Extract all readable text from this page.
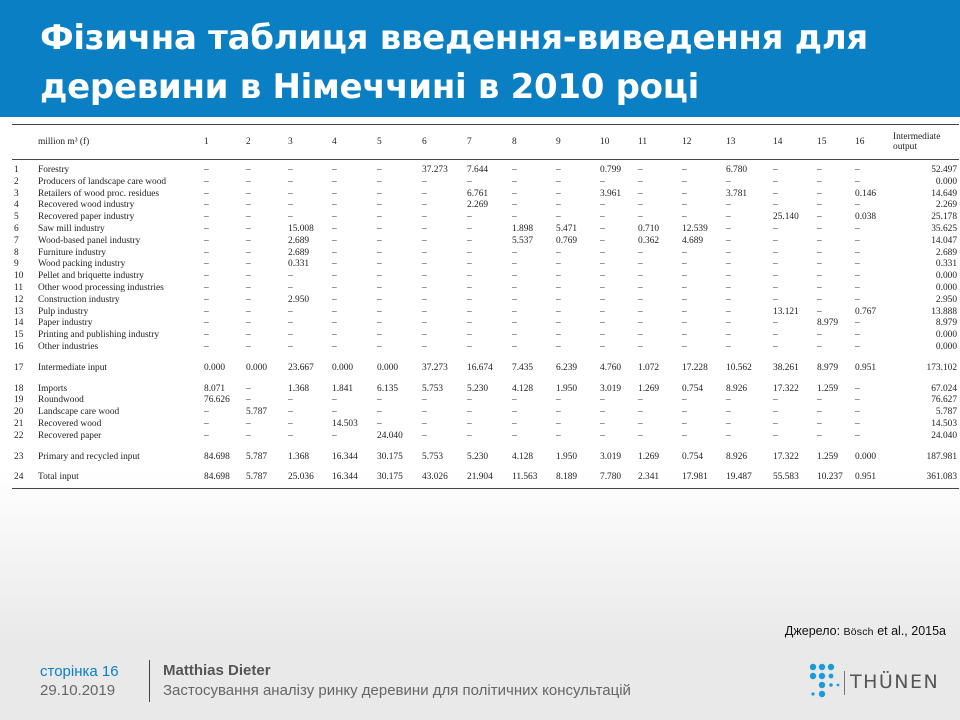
Фізична таблиця введення-виведення для деревини в Німеччині в 2010 році
	million m³ (f)	1	2	3	4	5	6	7	8	9	10	11	12	13	14	15	16	Intermediate output
1	Forestry	–	–	–	–	–	37.273	7.644	–	–	0.799	–	–	6.780	–	–	–	52.497
2	Producers of landscape care wood	–	–	–	–	–	–	–	–	–	–	–	–	–	–	–	–	0.000
3	Retailers of wood proc. residues	–	–	–	–	–	–	6.761	–	–	3.961	–	–	3.781	–	–	0.146	14.649
4	Recovered wood industry	–	–	–	–	–	–	2.269	–	–	–	–	–	–	–	–	–	2.269
5	Recovered paper industry	–	–	–	–	–	–	–	–	–	–	–	–	–	25.140	–	0.038	25.178
6	Saw mill industry	–	–	15.008	–	–	–	–	1.898	5.471	–	0.710	12.539	–	–	–	–	35.625
7	Wood-based panel industry	–	–	2.689	–	–	–	–	5.537	0.769	–	0.362	4.689	–	–	–	–	14.047
8	Furniture industry	–	–	2.689	–	–	–	–	–	–	–	–	–	–	–	–	–	2.689
9	Wood packing industry	–	–	0.331	–	–	–	–	–	–	–	–	–	–	–	–	–	0.331
10	Pellet and briquette industry	–	–	–	–	–	–	–	–	–	–	–	–	–	–	–	–	0.000
11	Other wood processing industries	–	–	–	–	–	–	–	–	–	–	–	–	–	–	–	–	0.000
12	Construction industry	–	–	2.950	–	–	–	–	–	–	–	–	–	–	–	–	–	2.950
13	Pulp industry	–	–	–	–	–	–	–	–	–	–	–	–	–	13.121	–	0.767	13.888
14	Paper industry	–	–	–	–	–	–	–	–	–	–	–	–	–	–	8.979	–	8.979
15	Printing and publishing industry	–	–	–	–	–	–	–	–	–	–	–	–	–	–	–	–	0.000
16	Other industries	–	–	–	–	–	–	–	–	–	–	–	–	–	–	–	–	0.000
17	Intermediate input	0.000	0.000	23.667	0.000	0.000	37.273	16.674	7.435	6.239	4.760	1.072	17.228	10.562	38.261	8.979	0.951	173.102
18	Imports	8.071	–	1.368	1.841	6.135	5.753	5.230	4.128	1.950	3.019	1.269	0.754	8.926	17.322	1.259	–	67.024
19	Roundwood	76.626	–	–	–	–	–	–	–	–	–	–	–	–	–	–	–	76.627
20	Landscape care wood	–	5.787	–	–	–	–	–	–	–	–	–	–	–	–	–	–	5.787
21	Recovered wood	–	–	–	14.503	–	–	–	–	–	–	–	–	–	–	–	–	14.503
22	Recovered paper	–	–	–	–	24.040	–	–	–	–	–	–	–	–	–	–	–	24.040
23	Primary and recycled input	84.698	5.787	1.368	16.344	30.175	5.753	5.230	4.128	1.950	3.019	1.269	0.754	8.926	17.322	1.259	0.000	187.981
24	Total input	84.698	5.787	25.036	16.344	30.175	43.026	21.904	11.563	8.189	7.780	2.341	17.981	19.487	55.583	10.237	0.951	361.083
Джерело: Bösch et al., 2015a
сторінка 16
29.10.2019
Matthias Dieter
Застосування аналізу ринку деревини для політичних консультацій	THÜNEN
